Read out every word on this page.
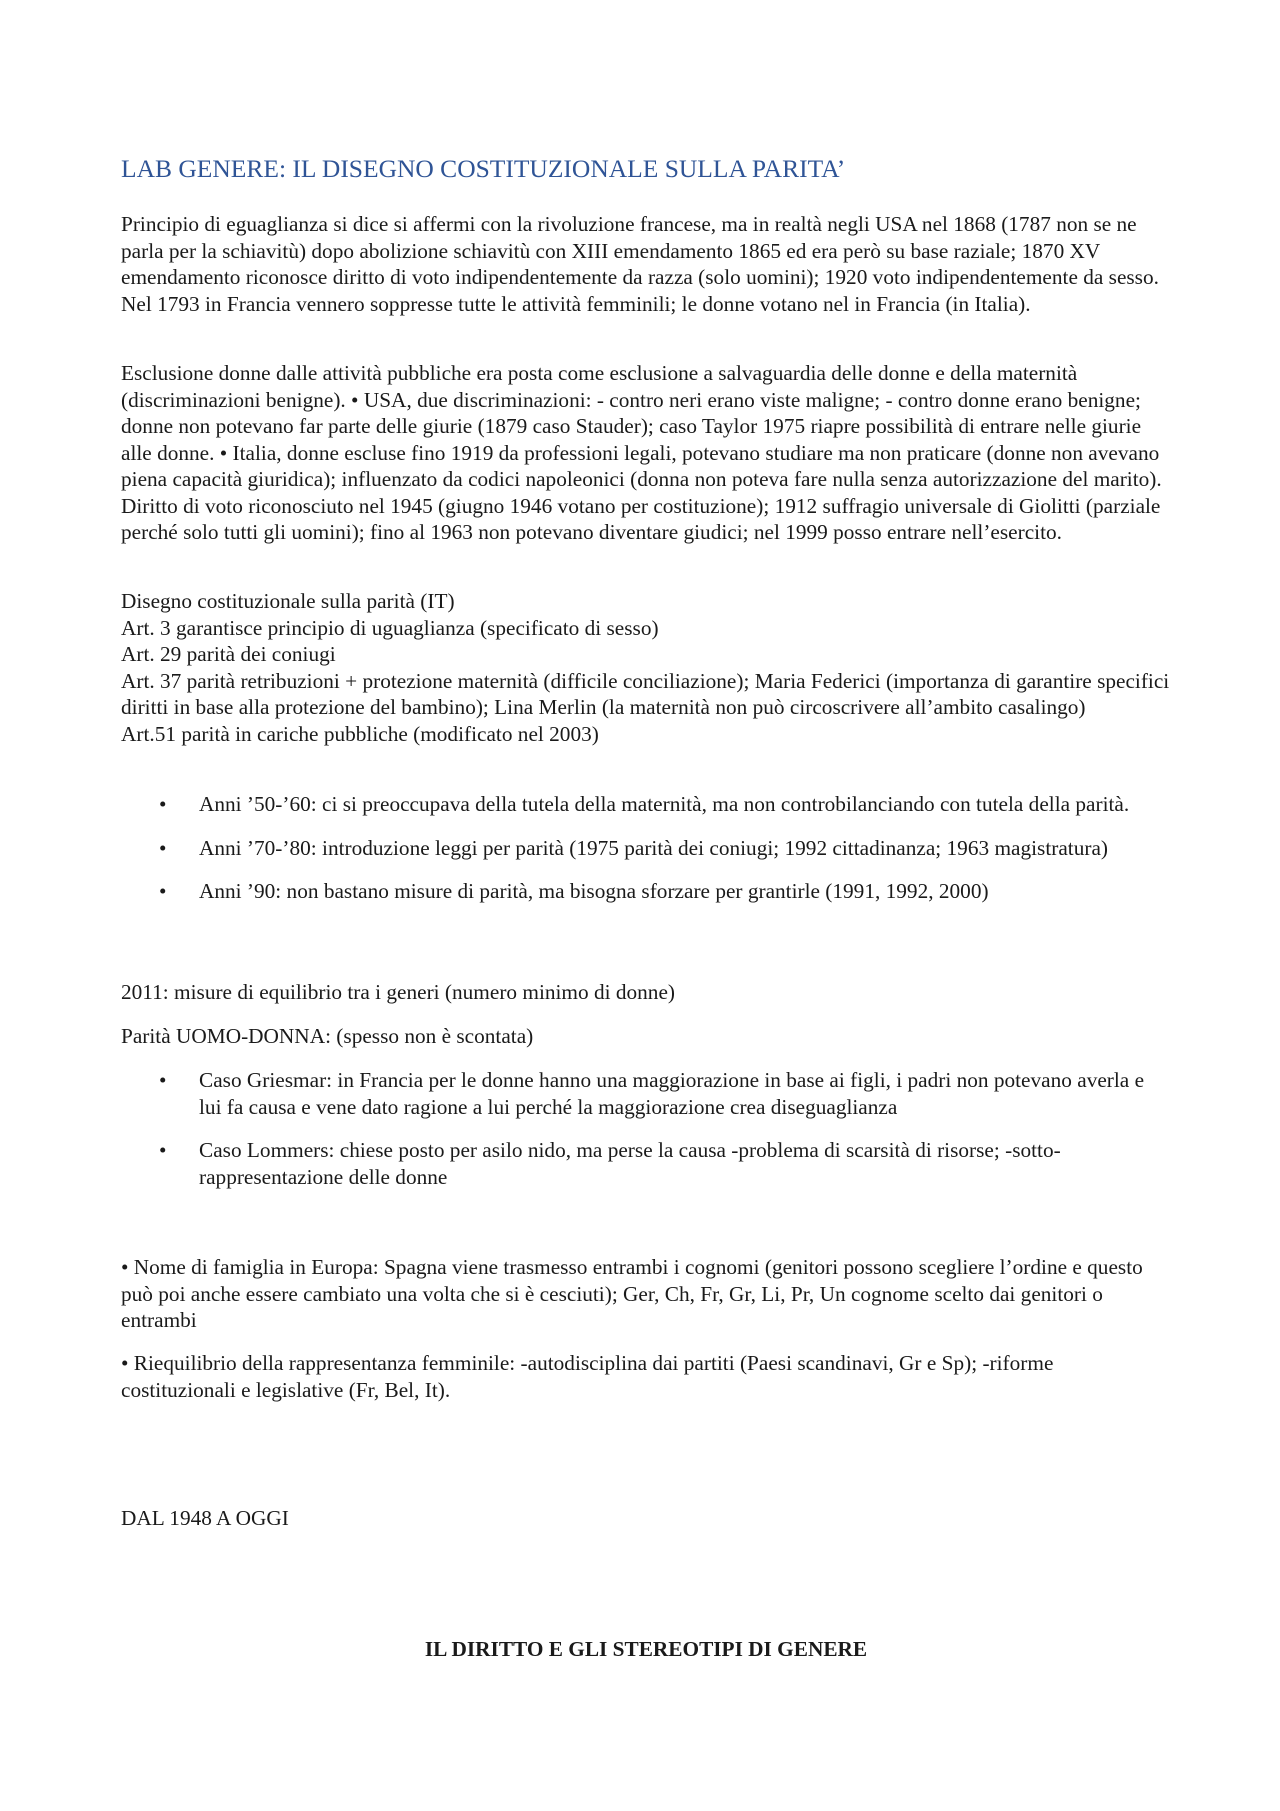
LAB GENERE: IL DISEGNO COSTITUZIONALE SULLA PARITA’

Principio di eguaglianza si dice si affermi con la rivoluzione francese, ma in realtà negli USA nel 1868 (1787 non se ne parla per la schiavitù) dopo abolizione schiavitù con XIII emendamento 1865 ed era però su base raziale; 1870 XV emendamento riconosce diritto di voto indipendentemente da razza (solo uomini); 1920 voto indipendentemente da sesso. Nel 1793 in Francia vennero soppresse tutte le attività femminili; le donne votano nel in Francia (in Italia).

Esclusione donne dalle attività pubbliche era posta come esclusione a salvaguardia delle donne e della maternità (discriminazioni benigne). • USA, due discriminazioni: - contro neri erano viste maligne; - contro donne erano benigne; donne non potevano far parte delle giurie (1879 caso Stauder); caso Taylor 1975 riapre possibilità di entrare nelle giurie alle donne. • Italia, donne escluse fino 1919 da professioni legali, potevano studiare ma non praticare (donne non avevano piena capacità giuridica); influenzato da codici napoleonici (donna non poteva fare nulla senza autorizzazione del marito). Diritto di voto riconosciuto nel 1945 (giugno 1946 votano per costituzione); 1912 suffragio universale di Giolitti (parziale perché solo tutti gli uomini); fino al 1963 non potevano diventare giudici; nel 1999 posso entrare nell’esercito.

Disegno costituzionale sulla parità (IT)

Art. 3 garantisce principio di uguaglianza (specificato di sesso)

Art. 29 parità dei coniugi

Art. 37 parità retribuzioni + protezione maternità (difficile conciliazione); Maria Federici (importanza di garantire specifici diritti in base alla protezione del bambino); Lina Merlin (la maternità non può circoscrivere all’ambito casalingo)

Art.51 parità in cariche pubbliche (modificato nel 2003)

• Anni ’50-’60: ci si preoccupava della tutela della maternità, ma non controbilanciando con tutela della parità.
• Anni ’70-’80: introduzione leggi per parità (1975 parità dei coniugi; 1992 cittadinanza; 1963 magistratura)
• Anni ’90: non bastano misure di parità, ma bisogna sforzare per grantirle (1991, 1992, 2000)

2011: misure di equilibrio tra i generi (numero minimo di donne)

Parità UOMO-DONNA: (spesso non è scontata)

• Caso Griesmar: in Francia per le donne hanno una maggiorazione in base ai figli, i padri non potevano averla e lui fa causa e vene dato ragione a lui perché la maggiorazione crea diseguaglianza
• Caso Lommers: chiese posto per asilo nido, ma perse la causa -problema di scarsità di risorse; -sotto-rappresentazione delle donne

• Nome di famiglia in Europa: Spagna viene trasmesso entrambi i cognomi (genitori possono scegliere l’ordine e questo può poi anche essere cambiato una volta che si è cesciuti); Ger, Ch, Fr, Gr, Li, Pr, Un cognome scelto dai genitori o entrambi

• Riequilibrio della rappresentanza femminile: -autodisciplina dai partiti (Paesi scandinavi, Gr e Sp); -riforme costituzionali e legislative (Fr, Bel, It).

DAL 1948 A OGGI

IL DIRITTO E GLI STEREOTIPI DI GENERE
